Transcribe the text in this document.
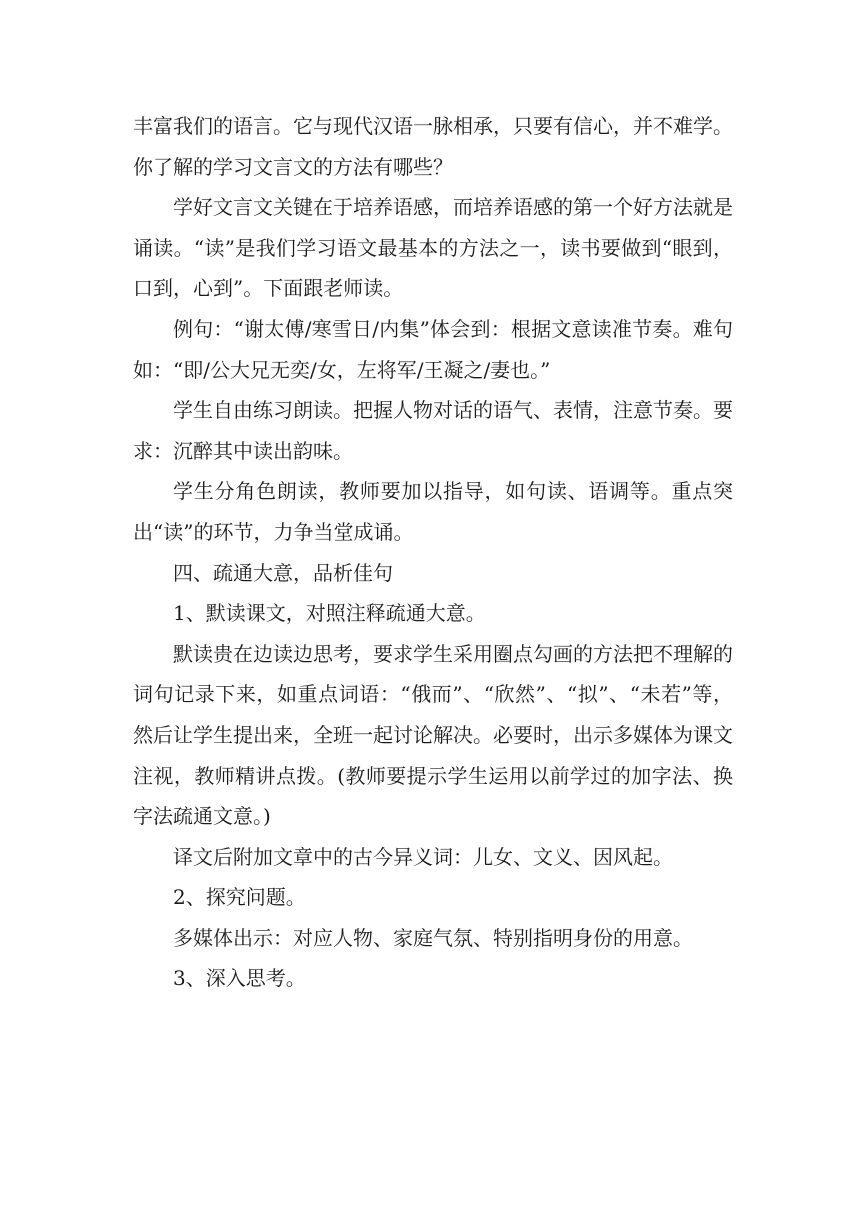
丰富我们的语言。它与现代汉语一脉相承，只要有信心，并不难学。你了解的学习文言文的方法有哪些？

学好文言文关键在于培养语感，而培养语感的第一个好方法就是诵读。“读”是我们学习语文最基本的方法之一，读书要做到“眼到，口到，心到”。下面跟老师读。

例句：“谢太傅/寒雪日/内集”体会到：根据文意读准节奏。难句如：“即/公大兄无奕/女，左将军/王凝之/妻也。”

学生自由练习朗读。把握人物对话的语气、表情，注意节奏。要求：沉醉其中读出韵味。

学生分角色朗读，教师要加以指导，如句读、语调等。重点突出“读”的环节，力争当堂成诵。

四、疏通大意，品析佳句

1、默读课文，对照注释疏通大意。

默读贵在边读边思考，要求学生采用圈点勾画的方法把不理解的词句记录下来，如重点词语：“俄而”、“欣然”、“拟”、“未若”等，然后让学生提出来，全班一起讨论解决。必要时，出示多媒体为课文注视，教师精讲点拨。(教师要提示学生运用以前学过的加字法、换字法疏通文意。)

译文后附加文章中的古今异义词：儿女、文义、因风起。

2、探究问题。

多媒体出示：对应人物、家庭气氛、特别指明身份的用意。

3、深入思考。
